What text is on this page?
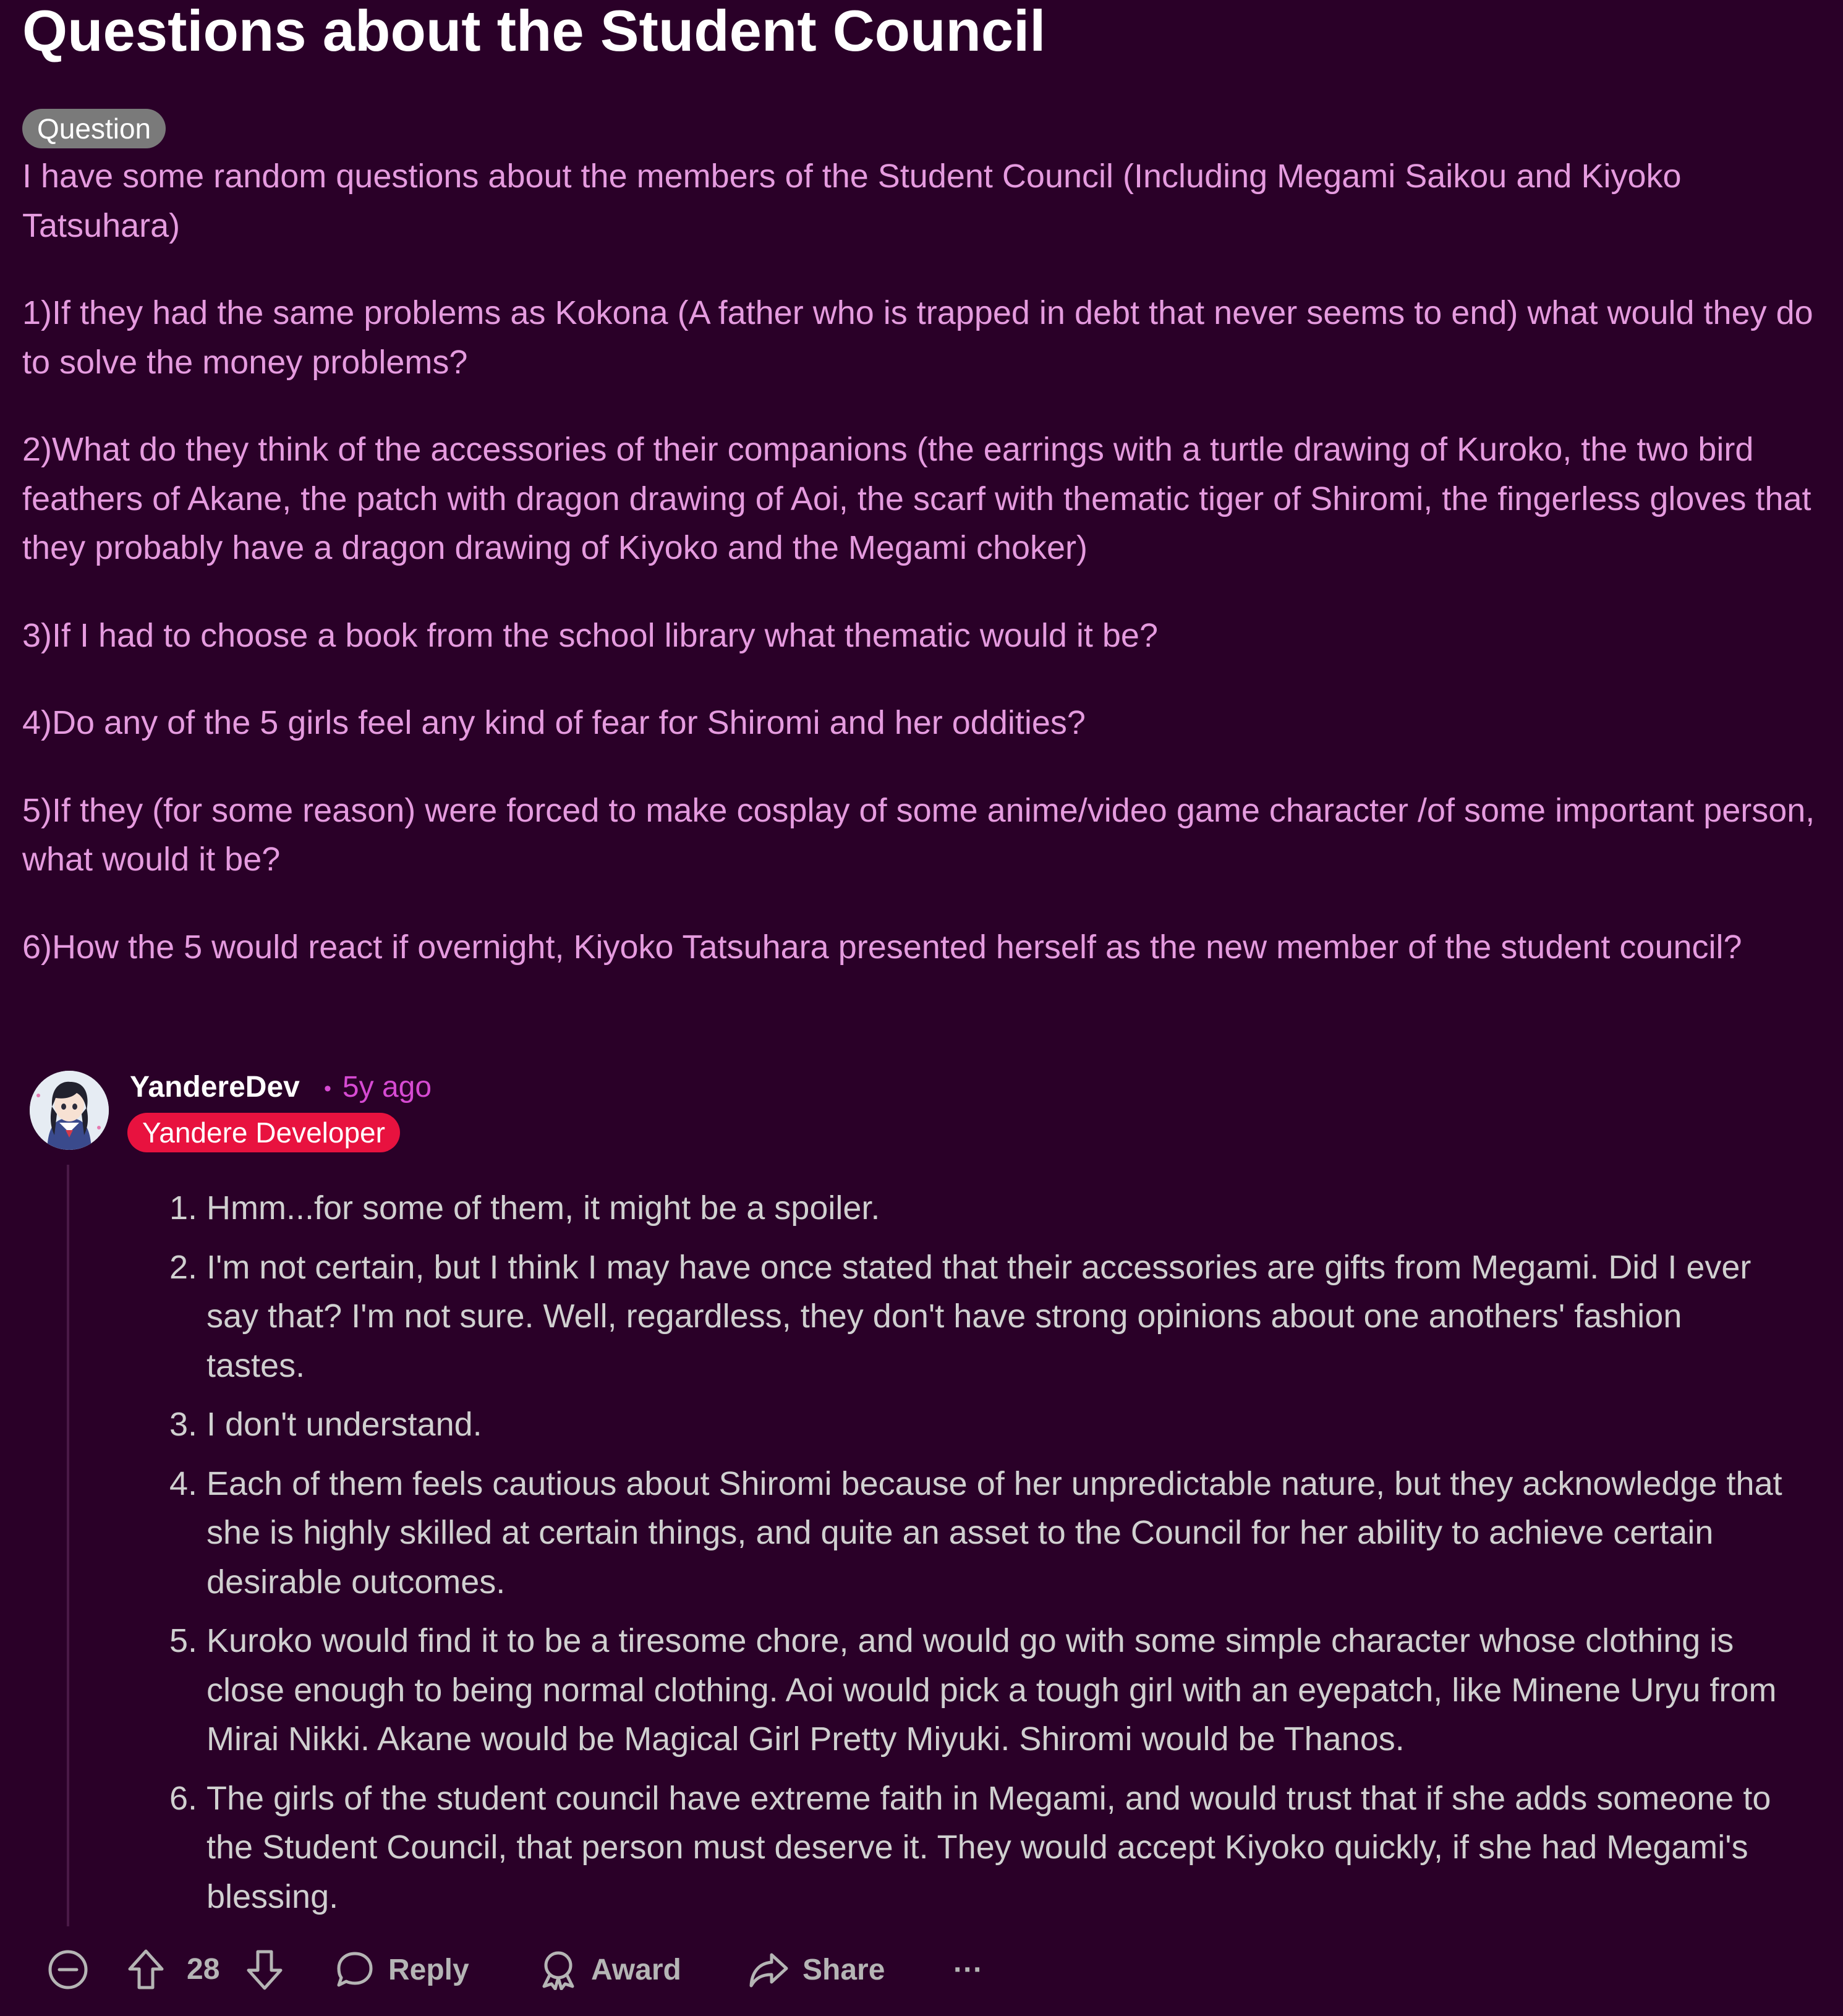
Questions about the Student Council
Question

I have some random questions about the members of the Student Council (Including Megami Saikou and Kiyoko Tatsuhara)

1)If they had the same problems as Kokona (A father who is trapped in debt that never seems to end) what would they do to solve the money problems?

2)What do they think of the accessories of their companions (the earrings with a turtle drawing of Kuroko, the two bird feathers of Akane, the patch with dragon drawing of Aoi, the scarf with thematic tiger of Shiromi, the fingerless gloves that they probably have a dragon drawing of Kiyoko and the Megami choker)

3)If I had to choose a book from the school library what thematic would it be?

4)Do any of the 5 girls feel any kind of fear for Shiromi and her oddities?

5)If they (for some reason) were forced to make cosplay of some anime/video game character /of some important person, what would it be?

6)How the 5 would react if overnight, Kiyoko Tatsuhara presented herself as the new member of the student council?

YandereDev • 5y ago
Yandere Developer
1. Hmm...for some of them, it might be a spoiler.
2. I'm not certain, but I think I may have once stated that their accessories are gifts from Megami. Did I ever say that? I'm not sure. Well, regardless, they don't have strong opinions about one anothers' fashion tastes.
3. I don't understand.
4. Each of them feels cautious about Shiromi because of her unpredictable nature, but they acknowledge that she is highly skilled at certain things, and quite an asset to the Council for her ability to achieve certain desirable outcomes.
5. Kuroko would find it to be a tiresome chore, and would go with some simple character whose clothing is close enough to being normal clothing. Aoi would pick a tough girl with an eyepatch, like Minene Uryu from Mirai Nikki. Akane would be Magical Girl Pretty Miyuki. Shiromi would be Thanos.
6. The girls of the student council have extreme faith in Megami, and would trust that if she adds someone to the Student Council, that person must deserve it. They would accept Kiyoko quickly, if she had Megami's blessing.
28	Reply	Award	Share ···
